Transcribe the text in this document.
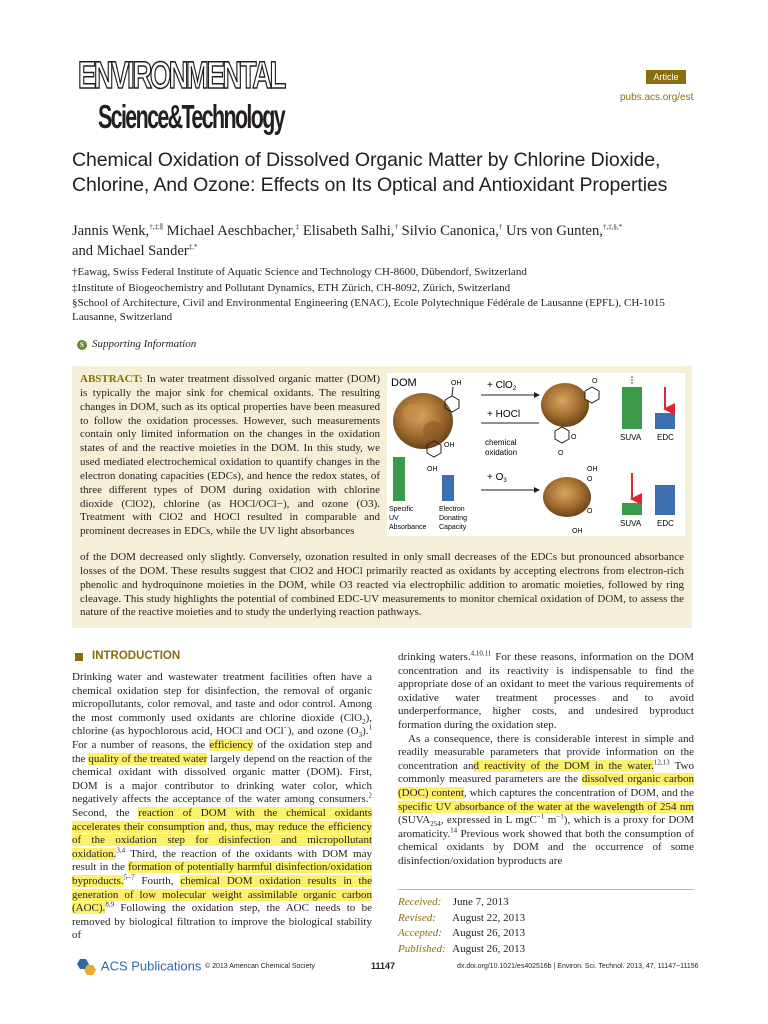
ENVIRONMENTAL
Science&Technology
Article
pubs.acs.org/est
Chemical Oxidation of Dissolved Organic Matter by Chlorine Dioxide, Chlorine, And Ozone: Effects on Its Optical and Antioxidant Properties
Jannis Wenk,†,‡,∥ Michael Aeschbacher,‡ Elisabeth Salhi,† Silvio Canonica,† Urs von Gunten,†,‡,§,*
and Michael Sander‡,*
†Eawag, Swiss Federal Institute of Aquatic Science and Technology CH-8600, Dübendorf, Switzerland
‡Institute of Biogeochemistry and Pollutant Dynamics, ETH Zürich, CH-8092, Zürich, Switzerland
§School of Architecture, Civil and Environmental Engineering (ENAC), Ecole Polytechnique Fédérale de Lausanne (EPFL), CH-1015 Lausanne, Switzerland
S Supporting Information
ABSTRACT: In water treatment dissolved organic matter (DOM) is typically the major sink for chemical oxidants. The resulting changes in DOM, such as its optical properties have been measured to follow the oxidation processes. However, such measurements contain only limited information on the changes in the oxidation states of and the reactive moieties in the DOM. In this study, we used mediated electrochemical oxidation to quantify changes in the electron donating capacities (EDCs), and hence the redox states, of three different types of DOM during oxidation with chlorine dioxide (ClO2), chlorine (as HOCl/OCl−), and ozone (O3). Treatment with ClO2 and HOCl resulted in comparable and prominent decreases in EDCs, while the UV light absorbances
of the DOM decreased only slightly. Conversely, ozonation resulted in only small decreases of the EDCs but pronounced absorbance losses of the DOM. These results suggest that ClO2 and HOCl primarily reacted as oxidants by accepting electrons from electron-rich phenolic and hydroquinone moieties in the DOM, while O3 reacted via electrophilic addition to aromatic moieties, followed by ring cleavage. This study highlights the potential of combined EDC-UV measurements to monitor chemical oxidation of DOM, to assess the nature of the reactive moieties and to study the underlying reaction pathways.
DOM	OH
OH
OH
Specific
UV
Absorbance
Electron
Donating
Capacity
+ ClO$_2$
+ HOCl
chemical
oxidation
+ $O_3$
O
O
O
OH
O
O
OH
SUVA EDC
SUVA EDC
INTRODUCTION

Drinking water and wastewater treatment facilities often have a chemical oxidation step for disinfection, the removal of organic micropollutants, color removal, and taste and odor control. Among the most commonly used oxidants are chlorine dioxide (ClO$_2$), chlorine (as hypochlorous acid, HOCl and OCl−), and ozone $(O_3).^1$ For a number of reasons, the efficiency of the oxidation step and the quality of the treated water largely depend on the reaction of the chemical oxidant with dissolved organic matter (DOM). First, DOM is a major contributor to drinking water color, which negatively affects the acceptance of the water among consumers.$^2$ Second, the reaction of DOM with the chemical oxidants accelerates their consumption and, thus, may reduce the efficiency of the oxidation step for disinfection and micropollutant oxidation.$^{3,4}$ Third, the reaction of the oxidants with DOM may result in the formation of potentially harmful disinfection/oxidation byproducts.$^{5-7}$ Fourth, chemical DOM oxidation results in the generation of low molecular weight assimilable organic carbon (AOC).$^{8,9}$ Following the oxidation step, the AOC needs to be removed by biological filtration to improve the biological stability of

drinking waters.$^{4,10,11}$ For these reasons, information on the DOM concentration and its reactivity is indispensable to find the appropriate dose of an oxidant to meet the various requirements of oxidative water treatment processes and to avoid underperformance, higher costs, and undesired byproduct formation during the oxidation step.

As a consequence, there is considerable interest in simple and readily measurable parameters that provide information on the concentration and reactivity of the DOM in the water.$^{12,13}$ Two commonly measured parameters are the dissolved organic carbon (DOC) content, which captures the concentration of DOM, and the specific UV absorbance of the water at the wavelength of 254 nm ($SUVA_{254}$, expressed in L mgC$^{-1}$ $m^{-1}$), which is a proxy for DOM aromaticity.$^{14}$ Previous work showed that both the consumption of chemical oxidants by DOM and the occurrence of some disinfection/oxidation byproducts are

Received: June 7, 2013
Revised: August 22, 2013
Accepted: August 26, 2013
Published: August 26, 2013
ACS Publications © 2013 American Chemical Society	11147	dx.doi.org/10.1021/es402516b | Environ. Sci. Technol. 2013, 47, 11147−11156
